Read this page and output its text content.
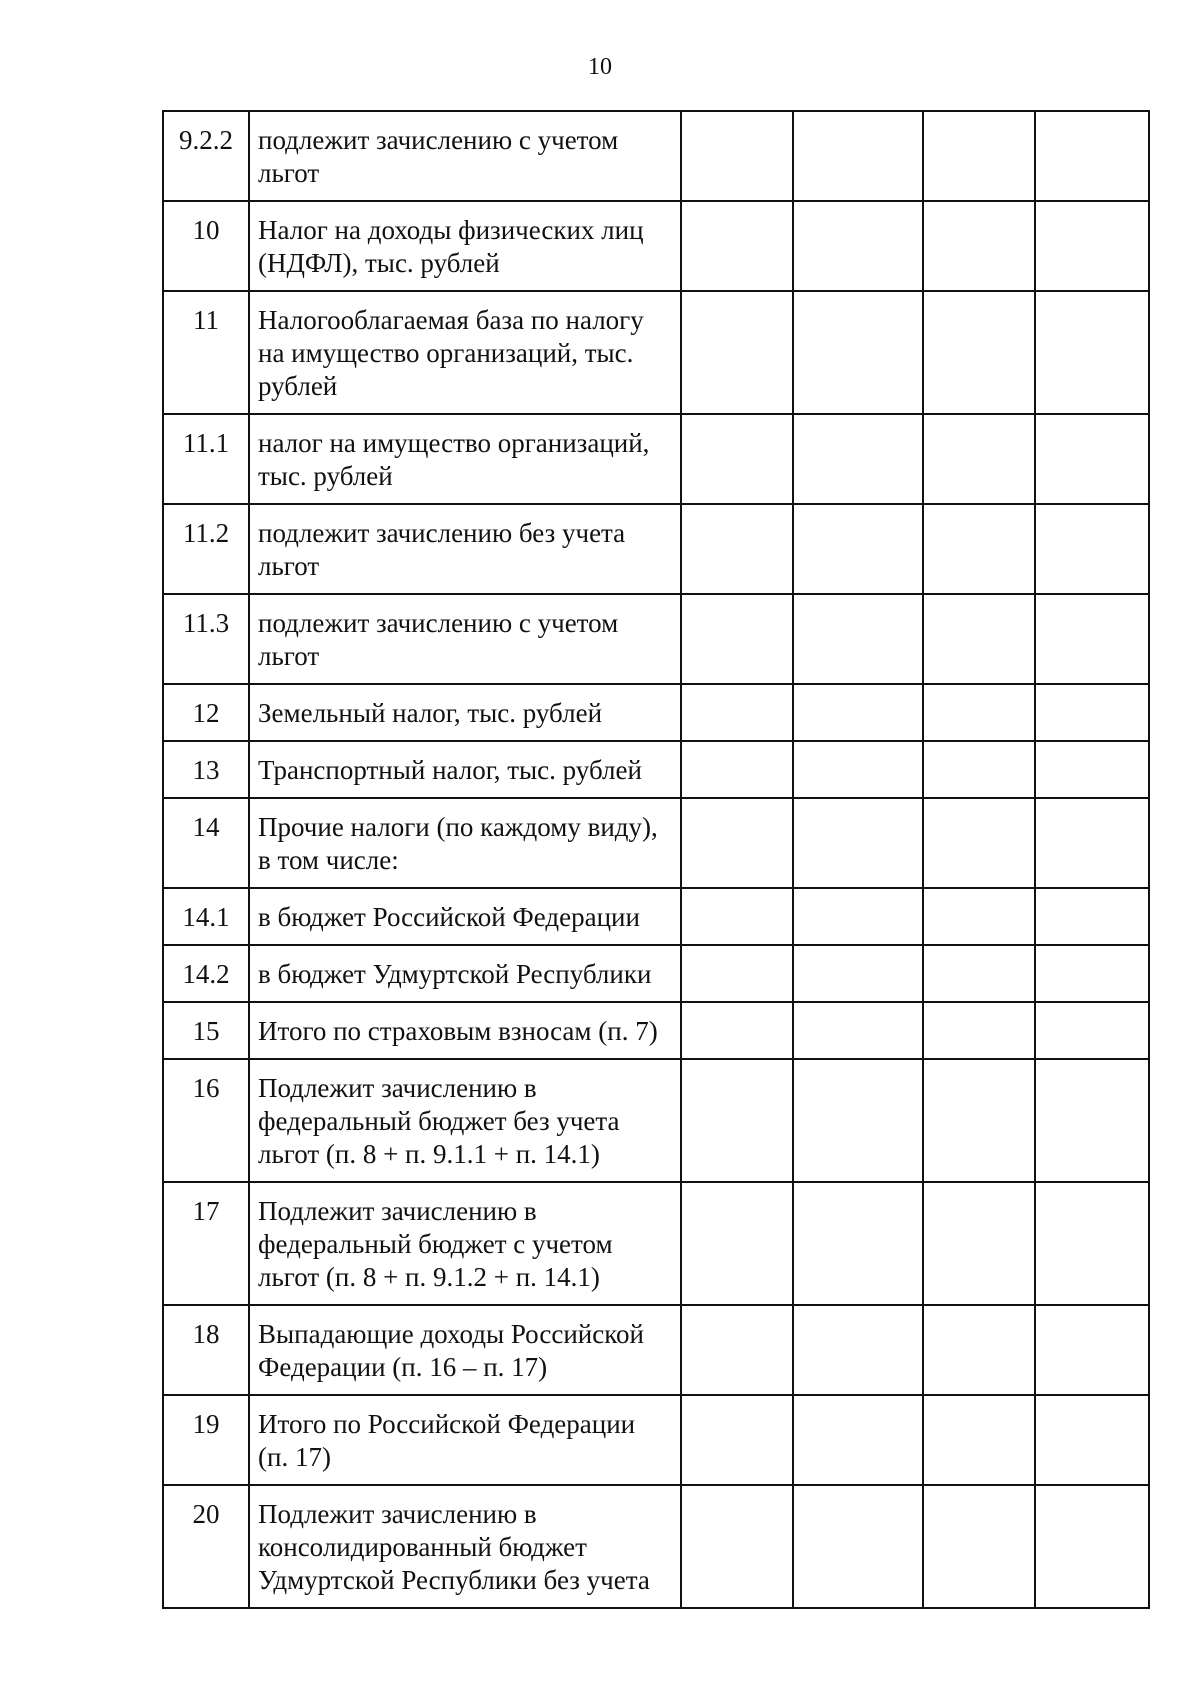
10
9.2.2	подлежит зачислению с учетом льгот				
10	Налог на доходы физических лиц (НДФЛ), тыс. рублей				
11	Налогооблагаемая база по налогу на имущество организаций, тыс. рублей				
11.1	налог на имущество организаций, тыс. рублей				
11.2	подлежит зачислению без учета льгот				
11.3	подлежит зачислению с учетом льгот				
12	Земельный налог, тыс. рублей				
13	Транспортный налог, тыс. рублей				
14	Прочие налоги (по каждому виду), в том числе:				
14.1	в бюджет Российской Федерации				
14.2	в бюджет Удмуртской Республики				
15	Итого по страховым взносам (п. 7)				
16	Подлежит зачислению в федеральный бюджет без учета льгот (п. 8 + п. 9.1.1 + п. 14.1)				
17	Подлежит зачислению в федеральный бюджет с учетом льгот (п. 8 + п. 9.1.2 + п. 14.1)				
18	Выпадающие доходы Российской Федерации (п. 16 – п. 17)				
19	Итого по Российской Федерации (п. 17)				
20	Подлежит зачислению в консолидированный бюджет Удмуртской Республики без учета				
